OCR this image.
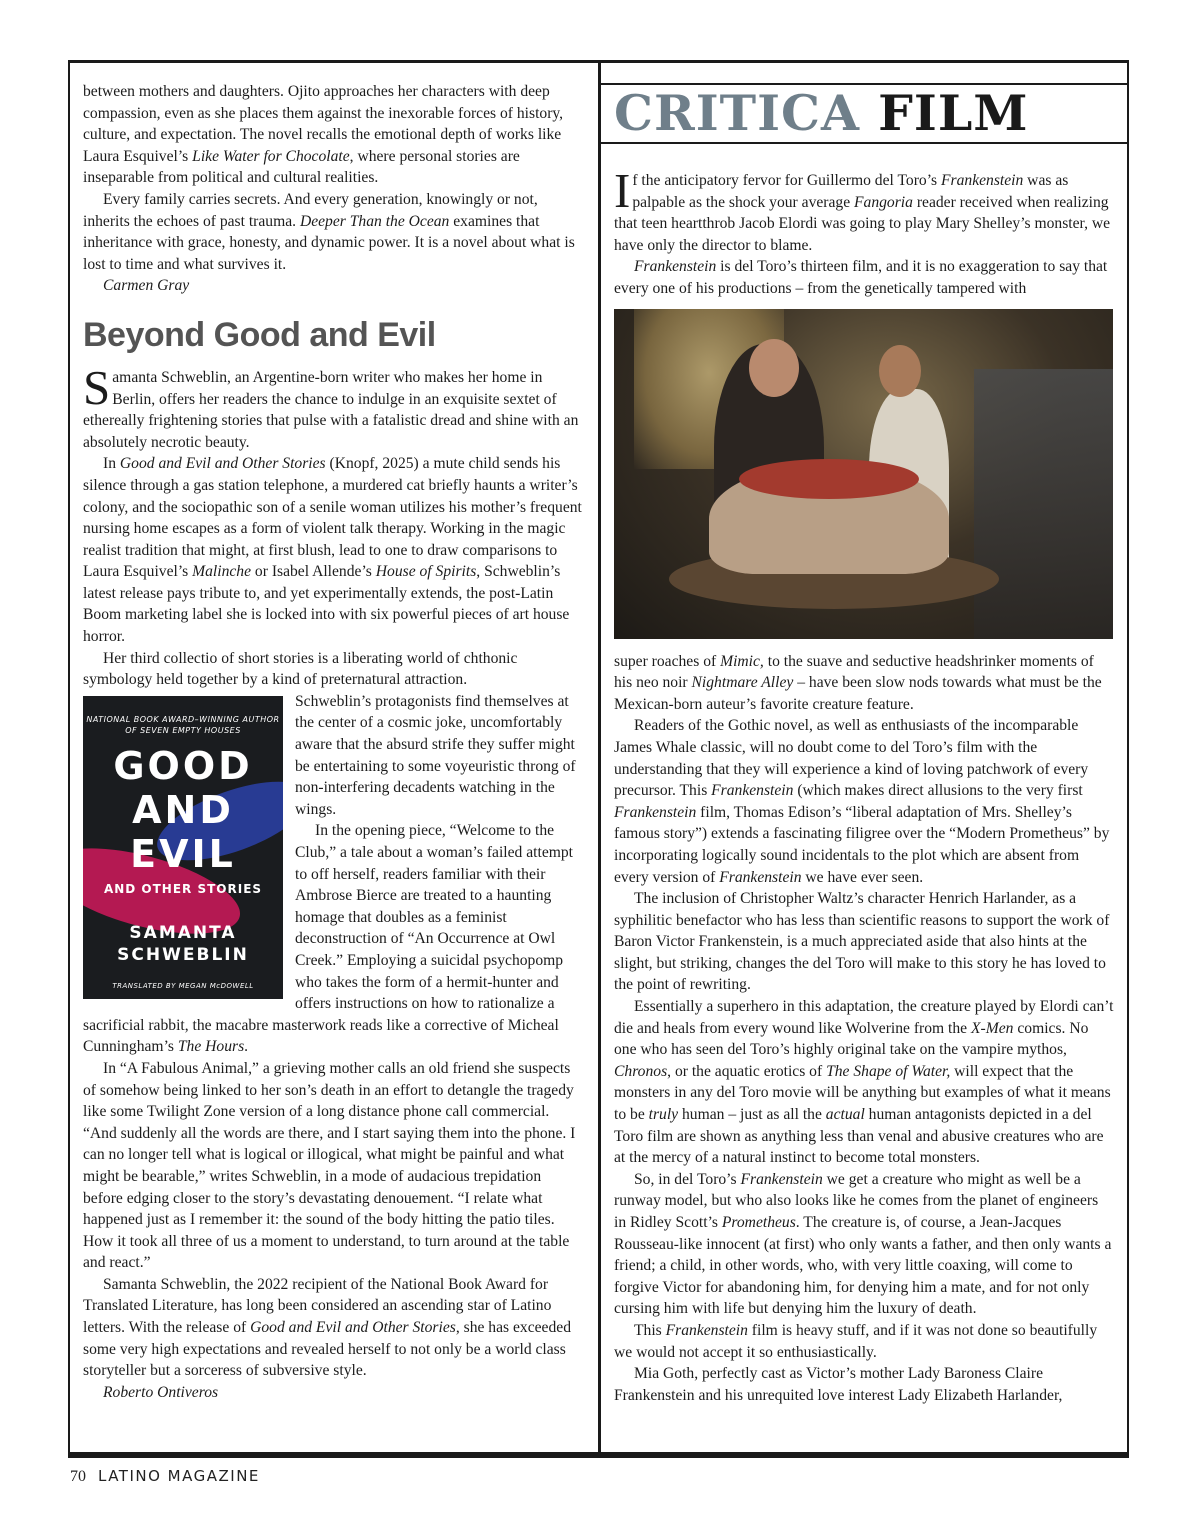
between mothers and daughters. Ojito approaches her characters with deep compassion, even as she places them against the inexorable forces of history, culture, and expectation. The novel recalls the emotional depth of works like Laura Esquivel’s Like Water for Chocolate, where personal stories are inseparable from political and cultural realities.

Every family carries secrets. And every generation, knowingly or not, inherits the echoes of past trauma. Deeper Than the Ocean examines that inheritance with grace, honesty, and dynamic power. It is a novel about what is lost to time and what survives it.

Carmen Gray

Beyond Good and Evil

Samanta Schweblin, an Argentine-born writer who makes her home in Berlin, offers her readers the chance to indulge in an exquisite sextet of ethereally frightening stories that pulse with a fatalistic dread and shine with an absolutely necrotic beauty.

In Good and Evil and Other Stories (Knopf, 2025) a mute child sends his silence through a gas station telephone, a murdered cat briefly haunts a writer’s colony, and the sociopathic son of a senile woman utilizes his mother’s frequent nursing home escapes as a form of violent talk therapy. Working in the magic realist tradition that might, at first blush, lead to one to draw comparisons to Laura Esquivel’s Malinche or Isabel Allende’s House of Spirits, Schweblin’s latest release pays tribute to, and yet experimentally extends, the post-Latin Boom marketing label she is locked into with six powerful pieces of art house horror.

Her third collectio of short stories is a liberating world of chthonic symbology held together by a kind of preternatural attraction.

NATIONAL BOOK AWARD–WINNING AUTHOR OF SEVEN EMPTY HOUSES
GOOD
AND
EVIL
AND OTHER STORIES
SAMANTA SCHWEBLIN
TRANSLATED BY MEGAN McDOWELL

Schweblin’s protagonists find themselves at the center of a cosmic joke, uncomfortably aware that the absurd strife they suffer might be entertaining to some voyeuristic throng of non-interfering decadents watching in the wings.

In the opening piece, “Welcome to the Club,” a tale about a woman’s failed attempt to off herself, readers familiar with their Ambrose Bierce are treated to a haunting homage that doubles as a feminist deconstruction of “An Occurrence at Owl Creek.” Employing a suicidal psychopomp who takes the form of a hermit-hunter and offers instructions on how to rationalize a sacrificial rabbit, the macabre masterwork reads like a corrective of Micheal Cunningham’s The Hours.

In “A Fabulous Animal,” a grieving mother calls an old friend she suspects of somehow being linked to her son’s death in an effort to detangle the tragedy like some Twilight Zone version of a long distance phone call commercial. “And suddenly all the words are there, and I start saying them into the phone. I can no longer tell what is logical or illogical, what might be painful and what might be bearable,” writes Schweblin, in a mode of audacious trepidation before edging closer to the story’s devastating denouement. “I relate what happened just as I remember it: the sound of the body hitting the patio tiles. How it took all three of us a moment to understand, to turn around at the table and react.”

Samanta Schweblin, the 2022 recipient of the National Book Award for Translated Literature, has long been considered an ascending star of Latino letters. With the release of Good and Evil and Other Stories, she has exceeded some very high expectations and revealed herself to not only be a world class storyteller but a sorceress of subversive style.

Roberto Ontiveros

CRITICA FILM

If the anticipatory fervor for Guillermo del Toro’s Frankenstein was as palpable as the shock your average Fangoria reader received when realizing that teen heartthrob Jacob Elordi was going to play Mary Shelley’s monster, we have only the director to blame.

Frankenstein is del Toro’s thirteen film, and it is no exaggeration to say that every one of his productions – from the genetically tampered with

super roaches of Mimic, to the suave and seductive headshrinker moments of his neo noir Nightmare Alley – have been slow nods towards what must be the Mexican-born auteur’s favorite creature feature.

Readers of the Gothic novel, as well as enthusiasts of the incomparable James Whale classic, will no doubt come to del Toro’s film with the understanding that they will experience a kind of loving patchwork of every precursor. This Frankenstein (which makes direct allusions to the very first Frankenstein film, Thomas Edison’s “liberal adaptation of Mrs. Shelley’s famous story”) extends a fascinating filigree over the “Modern Prometheus” by incorporating logically sound incidentals to the plot which are absent from every version of Frankenstein we have ever seen.

The inclusion of Christopher Waltz’s character Henrich Harlander, as a syphilitic benefactor who has less than scientific reasons to support the work of Baron Victor Frankenstein, is a much appreciated aside that also hints at the slight, but striking, changes the del Toro will make to this story he has loved to the point of rewriting.

Essentially a superhero in this adaptation, the creature played by Elordi can’t die and heals from every wound like Wolverine from the X-Men comics. No one who has seen del Toro’s highly original take on the vampire mythos, Chronos, or the aquatic erotics of The Shape of Water, will expect that the monsters in any del Toro movie will be anything but examples of what it means to be truly human – just as all the actual human antagonists depicted in a del Toro film are shown as anything less than venal and abusive creatures who are at the mercy of a natural instinct to become total monsters.

So, in del Toro’s Frankenstein we get a creature who might as well be a runway model, but who also looks like he comes from the planet of engineers in Ridley Scott’s Prometheus. The creature is, of course, a Jean-Jacques Rousseau-like innocent (at first) who only wants a father, and then only wants a friend; a child, in other words, who, with very little coaxing, will come to forgive Victor for abandoning him, for denying him a mate, and for not only cursing him with life but denying him the luxury of death.

This Frankenstein film is heavy stuff, and if it was not done so beautifully we would not accept it so enthusiastically.

Mia Goth, perfectly cast as Victor’s mother Lady Baroness Claire Frankenstein and his unrequited love interest Lady Elizabeth Harlander,

70 LATINO MAGAZINE
